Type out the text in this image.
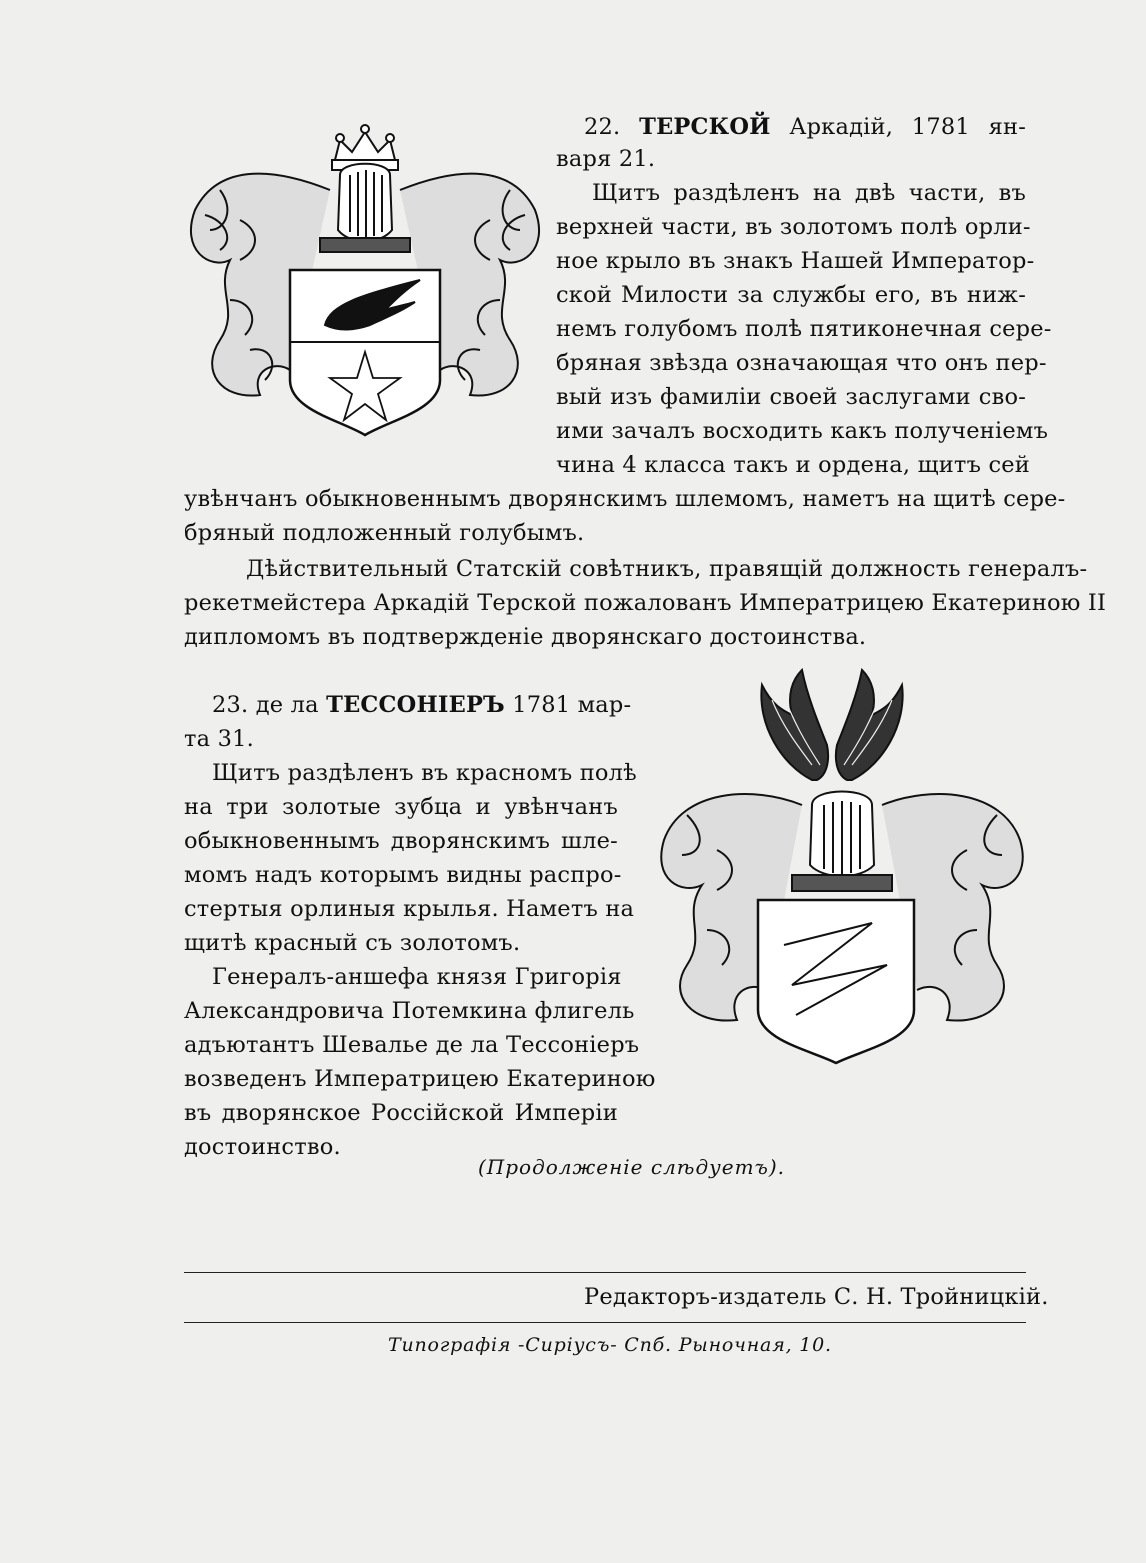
22. ТЕРСКОЙ Аркадій, 1781 ян-
варя 21.
Щитъ раздѣленъ на двѣ части, въ
верхней части, въ золотомъ полѣ орли-
ное крыло въ знакъ Нашей Император-
ской Милости за службы его, въ ниж-
немъ голубомъ полѣ пятиконечная сере-
бряная звѣзда означающая что онъ пер-
вый изъ фамиліи своей заслугами сво-
ими зачалъ восходить какъ полученіемъ
чина 4 класса такъ и ордена, щитъ сей
увѣнчанъ обыкновеннымъ дворянскимъ шлемомъ, наметъ на щитѣ сере-
бряный подложенный голубымъ.
Дѣйствительный Статскій совѣтникъ, правящій должность генералъ-
рекетмейстера Аркадій Терской пожалованъ Императрицею Екатериною II
дипломомъ въ подтвержденіе дворянскаго достоинства.
23. де ла ТЕССОНІЕРЪ 1781 мар-
та 31.
Щитъ раздѣленъ въ красномъ полѣ
на три золотые зубца и увѣнчанъ
обыкновеннымъ дворянскимъ шле-
момъ надъ которымъ видны распро-
стертыя орлиныя крылья. Наметъ на
щитѣ красный съ золотомъ.
Генералъ-аншефа князя Григорія
Александровича Потемкина флигель
адъютантъ Шевалье де ла Тессоніеръ
возведенъ Императрицею Екатериною
въ дворянское Россійской Имперіи
достоинство.
(Продолженіе слѣдуетъ).
Редакторъ-издатель С. Н. Тройницкій.
Типографія -Сиріусъ- Спб. Рыночная, 10.
